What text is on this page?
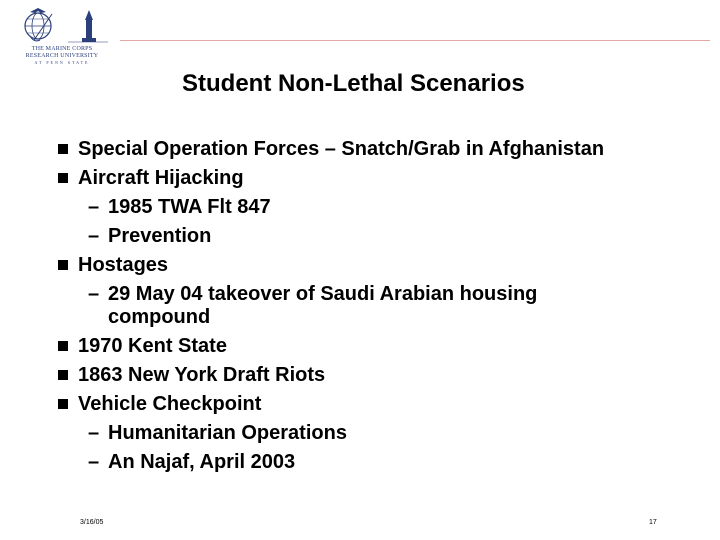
THE MARINE CORPS
RESEARCH UNIVERSITY
AT PENN STATE
Student Non-Lethal Scenarios
Special Operation Forces – Snatch/Grab in Afghanistan
Aircraft Hijacking
– 1985 TWA Flt 847
– Prevention
Hostages
– 29 May 04 takeover of Saudi Arabian housing
compound
1970 Kent State
1863 New York Draft Riots
Vehicle Checkpoint
– Humanitarian Operations
– An Najaf, April 2003
3/16/05	17
